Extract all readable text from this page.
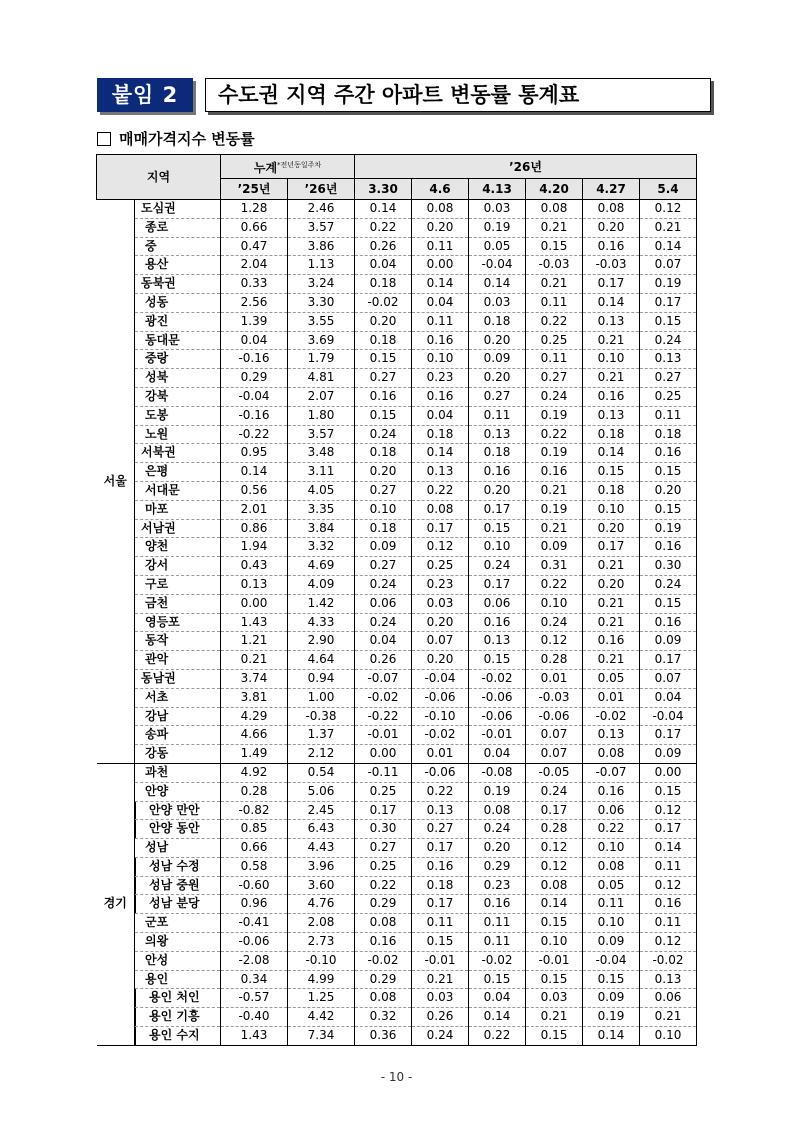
붙임 2	수도권 지역 주간 아파트 변동률 통계표
매매가격지수 변동률
지역		누계$^{*전년동일주차}$		’26년					
		’25년	’26년	3.30	4.6	4.13	4.20	4.27	5.4
서울	도심권	1.28	2.46	0.14	0.08	0.03	0.08	0.08	0.12
	종로	0.66	3.57	0.22	0.20	0.19	0.21	0.20	0.21
	중	0.47	3.86	0.26	0.11	0.05	0.15	0.16	0.14
	용산	2.04	1.13	0.04	0.00	-0.04	-0.03	-0.03	0.07
	동북권	0.33	3.24	0.18	0.14	0.14	0.21	0.17	0.19
	성동	2.56	3.30	-0.02	0.04	0.03	0.11	0.14	0.17
	광진	1.39	3.55	0.20	0.11	0.18	0.22	0.13	0.15
	동대문	0.04	3.69	0.18	0.16	0.20	0.25	0.21	0.24
	중랑	-0.16	1.79	0.15	0.10	0.09	0.11	0.10	0.13
	성북	0.29	4.81	0.27	0.23	0.20	0.27	0.21	0.27
	강북	-0.04	2.07	0.16	0.16	0.27	0.24	0.16	0.25
	도봉	-0.16	1.80	0.15	0.04	0.11	0.19	0.13	0.11
	노원	-0.22	3.57	0.24	0.18	0.13	0.22	0.18	0.18
	서북권	0.95	3.48	0.18	0.14	0.18	0.19	0.14	0.16
	은평	0.14	3.11	0.20	0.13	0.16	0.16	0.15	0.15
	서대문	0.56	4.05	0.27	0.22	0.20	0.21	0.18	0.20
	마포	2.01	3.35	0.10	0.08	0.17	0.19	0.10	0.15
	서남권	0.86	3.84	0.18	0.17	0.15	0.21	0.20	0.19
	양천	1.94	3.32	0.09	0.12	0.10	0.09	0.17	0.16
	강서	0.43	4.69	0.27	0.25	0.24	0.31	0.21	0.30
	구로	0.13	4.09	0.24	0.23	0.17	0.22	0.20	0.24
	금천	0.00	1.42	0.06	0.03	0.06	0.10	0.21	0.15
	영등포	1.43	4.33	0.24	0.20	0.16	0.24	0.21	0.16
	동작	1.21	2.90	0.04	0.07	0.13	0.12	0.16	0.09
	관악	0.21	4.64	0.26	0.20	0.15	0.28	0.21	0.17
	동남권	3.74	0.94	-0.07	-0.04	-0.02	0.01	0.05	0.07
	서초	3.81	1.00	-0.02	-0.06	-0.06	-0.03	0.01	0.04
	강남	4.29	-0.38	-0.22	-0.10	-0.06	-0.06	-0.02	-0.04
	송파	4.66	1.37	-0.01	-0.02	-0.01	0.07	0.13	0.17
	강동	1.49	2.12	0.00	0.01	0.04	0.07	0.08	0.09
경기	과천	4.92	0.54	-0.11	-0.06	-0.08	-0.05	-0.07	0.00
	안양	0.28	5.06	0.25	0.22	0.19	0.24	0.16	0.15
	안양 만안	-0.82	2.45	0.17	0.13	0.08	0.17	0.06	0.12
	안양 동안	0.85	6.43	0.30	0.27	0.24	0.28	0.22	0.17
	성남	0.66	4.43	0.27	0.17	0.20	0.12	0.10	0.14
	성남 수정	0.58	3.96	0.25	0.16	0.29	0.12	0.08	0.11
	성남 중원	-0.60	3.60	0.22	0.18	0.23	0.08	0.05	0.12
	성남 분당	0.96	4.76	0.29	0.17	0.16	0.14	0.11	0.16
	군포	-0.41	2.08	0.08	0.11	0.11	0.15	0.10	0.11
	의왕	-0.06	2.73	0.16	0.15	0.11	0.10	0.09	0.12
	안성	-2.08	-0.10	-0.02	-0.01	-0.02	-0.01	-0.04	-0.02
	용인	0.34	4.99	0.29	0.21	0.15	0.15	0.15	0.13
	용인 처인	-0.57	1.25	0.08	0.03	0.04	0.03	0.09	0.06
	용인 기흥	-0.40	4.42	0.32	0.26	0.14	0.21	0.19	0.21
	용인 수지	1.43	7.34	0.36	0.24	0.22	0.15	0.14	0.10
- 10 -
